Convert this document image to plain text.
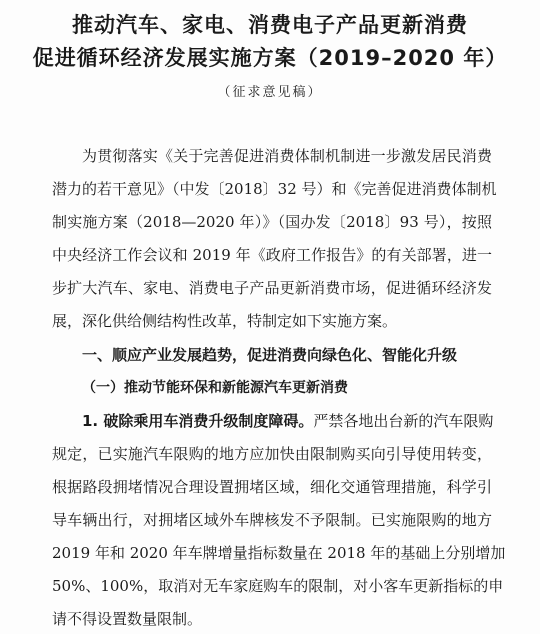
推动汽车、家电、消费电子产品更新消费
促进循环经济发展实施方案（2019–2020 年）
（征求意见稿）
为贯彻落实《关于完善促进消费体制机制进一步激发居民消费
潜力的若干意见》（中发〔2018〕32 号）和《完善促进消费体制机
制实施方案（2018—2020 年）》（国办发〔2018〕93 号），按照
中央经济工作会议和 2019 年《政府工作报告》的有关部署，进一
步扩大汽车、家电、消费电子产品更新消费市场，促进循环经济发
展，深化供给侧结构性改革，特制定如下实施方案。
一、顺应产业发展趋势，促进消费向绿色化、智能化升级
（一）推动节能环保和新能源汽车更新消费
1. 破除乘用车消费升级制度障碍。严禁各地出台新的汽车限购
规定，已实施汽车限购的地方应加快由限制购买向引导使用转变，
根据路段拥堵情况合理设置拥堵区域，细化交通管理措施，科学引
导车辆出行，对拥堵区域外车牌核发不予限制。已实施限购的地方
2019 年和 2020 年车牌增量指标数量在 2018 年的基础上分别增加
50%、100%，取消对无车家庭购车的限制，对小客车更新指标的申
请不得设置数量限制。
